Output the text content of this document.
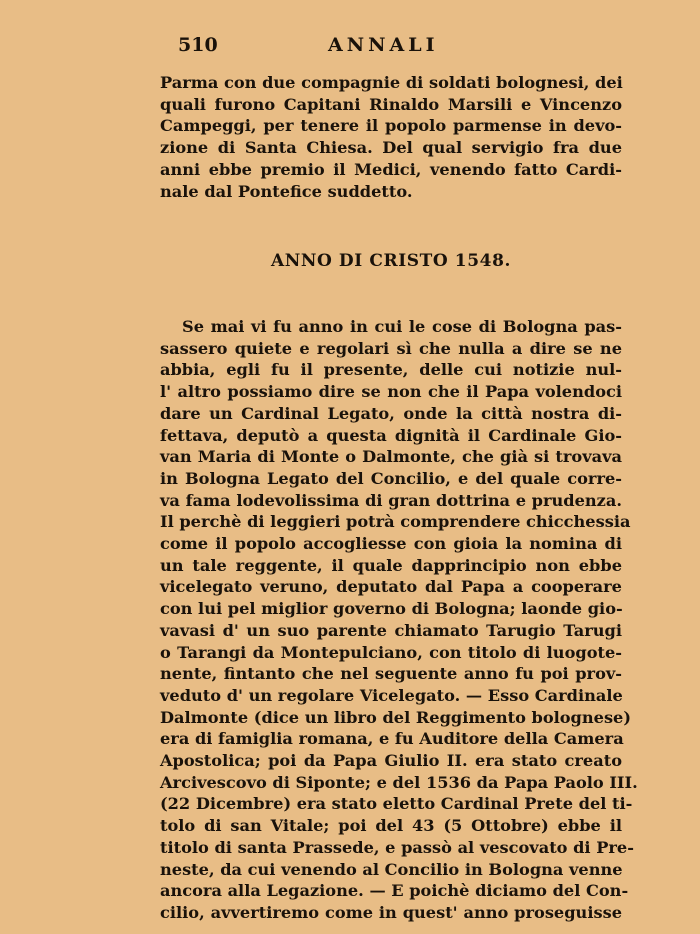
510	ANNALI
Parma con due compagnie di soldati bolognesi, dei
quali furono Capitani Rinaldo Marsili e Vincenzo
Campeggi, per tenere il popolo parmense in devo-
zione di Santa Chiesa. Del qual servigio fra due
anni ebbe premio il Medici, venendo fatto Cardi-
nale dal Pontefice suddetto.
ANNO DI CRISTO 1548.
Se mai vi fu anno in cui le cose di Bologna pas-
sassero quiete e regolari sì che nulla a dire se ne
abbia, egli fu il presente, delle cui notizie nul-
l' altro possiamo dire se non che il Papa volendoci
dare un Cardinal Legato, onde la città nostra di-
fettava, deputò a questa dignità il Cardinale Gio-
van Maria di Monte o Dalmonte, che già si trovava
in Bologna Legato del Concilio, e del quale corre-
va fama lodevolissima di gran dottrina e prudenza.
Il perchè di leggieri potrà comprendere chicchessia
come il popolo accogliesse con gioia la nomina di
un tale reggente, il quale dapprincipio non ebbe
vicelegato veruno, deputato dal Papa a cooperare
con lui pel miglior governo di Bologna; laonde gio-
vavasi d' un suo parente chiamato Tarugio Tarugi
o Tarangi da Montepulciano, con titolo di luogote-
nente, fintanto che nel seguente anno fu poi prov-
veduto d' un regolare Vicelegato. — Esso Cardinale
Dalmonte (dice un libro del Reggimento bolognese)
era di famiglia romana, e fu Auditore della Camera
Apostolica; poi da Papa Giulio II. era stato creato
Arcivescovo di Siponte; e del 1536 da Papa Paolo III.
(22 Dicembre) era stato eletto Cardinal Prete del ti-
tolo di san Vitale; poi del 43 (5 Ottobre) ebbe il
titolo di santa Prassede, e passò al vescovato di Pre-
neste, da cui venendo al Concilio in Bologna venne
ancora alla Legazione. — E poichè diciamo del Con-
cilio, avvertiremo come in quest' anno proseguisse
